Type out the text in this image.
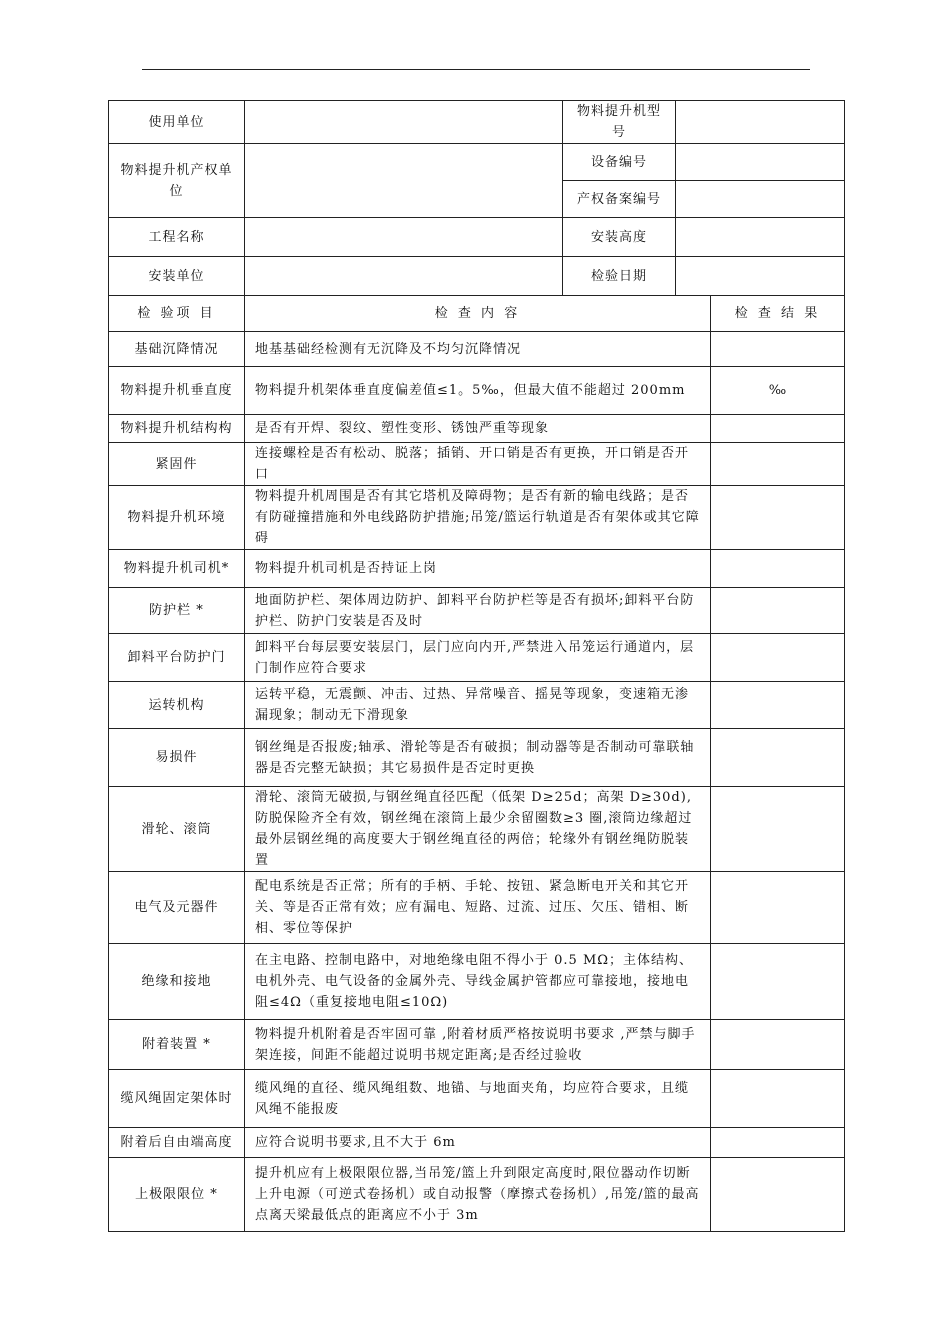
使用单位		物料提升机型号		
物料提升机产权单位		设备编号		
		产权备案编号		
工程名称		安装高度		
安装单位		检验日期		
检 验项 目	检 查 内 容			检 查 结 果
基础沉降情况	地基基础经检测有无沉降及不均匀沉降情况			
物料提升机垂直度	物料提升机架体垂直度偏差值≤1。5‰，但最大值不能超过 200mm			‰
物料提升机结构构	是否有开焊、裂纹、塑性变形、锈蚀严重等现象			
紧固件	连接螺栓是否有松动、脱落；插销、开口销是否有更换，开口销是否开口			
物料提升机环境	物料提升机周围是否有其它塔机及障碍物；是否有新的输电线路；是否有防碰撞措施和外电线路防护措施;吊笼/篮运行轨道是否有架体或其它障碍			
物料提升机司机*	物料提升机司机是否持证上岗			
防护栏 *	地面防护栏、架体周边防护、卸料平台防护栏等是否有损坏;卸料平台防护栏、防护门安装是否及时			
卸料平台防护门	卸料平台每层要安装层门，层门应向内开,严禁进入吊笼运行通道内，层门制作应符合要求			
运转机构	运转平稳，无震颤、冲击、过热、异常噪音、摇晃等现象，变速箱无渗漏现象；制动无下滑现象			
易损件	钢丝绳是否报废;轴承、滑轮等是否有破损；制动器等是否制动可靠联轴器是否完整无缺损；其它易损件是否定时更换			
滑轮、滚筒	滑轮、滚筒无破损,与钢丝绳直径匹配（低架 D≥25d；高架 D≥30d),防脱保险齐全有效，钢丝绳在滚筒上最少余留圈数≥3 圈,滚筒边缘超过最外层钢丝绳的高度要大于钢丝绳直径的两倍；轮缘外有钢丝绳防脱装置			
电气及元器件	配电系统是否正常；所有的手柄、手轮、按钮、紧急断电开关和其它开关、等是否正常有效；应有漏电、短路、过流、过压、欠压、错相、断相、零位等保护			
绝缘和接地	在主电路、控制电路中，对地绝缘电阻不得小于 0.5 MΩ；主体结构、电机外壳、电气设备的金属外壳、导线金属护管都应可靠接地，接地电阻≤4Ω（重复接地电阻≤10Ω)			
附着装置 *	物料提升机附着是否牢固可靠 ,附着材质严格按说明书要求 ,严禁与脚手架连接，间距不能超过说明书规定距离;是否经过验收			
缆风绳固定架体时	缆风绳的直径、缆风绳组数、地锚、与地面夹角，均应符合要求，且缆风绳不能报废			
附着后自由端高度	应符合说明书要求,且不大于 6m			
上极限限位 *	提升机应有上极限限位器,当吊笼/篮上升到限定高度时,限位器动作切断上升电源（可逆式卷扬机）或自动报警（摩擦式卷扬机）,吊笼/篮的最高点离天梁最低点的距离应不小于 3m			
